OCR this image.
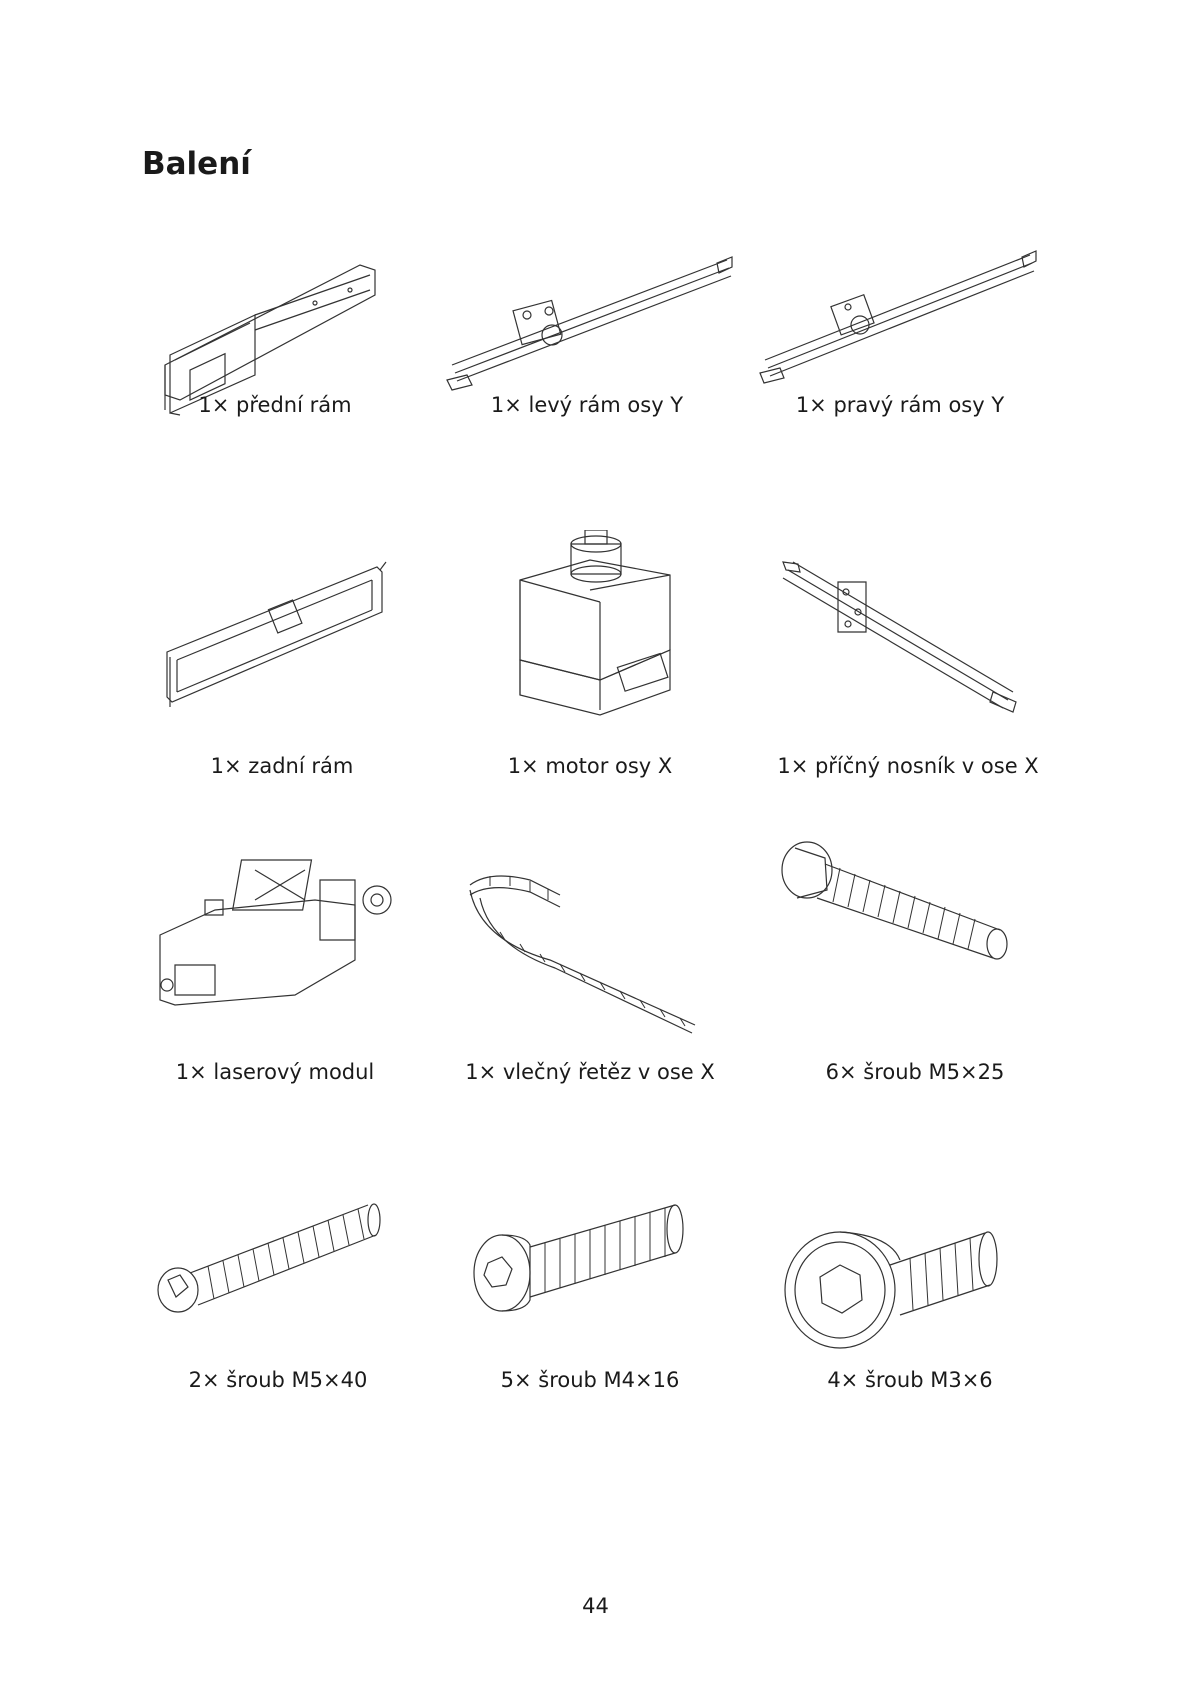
Balení
1× přední rám	1× levý rám osy Y	1× pravý rám osy Y
1× zadní rám	1× motor osy X	1× příčný nosník v ose X
1× laserový modul	1× vlečný řetěz v ose X	6× šroub M5×25
2× šroub M5×40	5× šroub M4×16	4× šroub M3×6
44
